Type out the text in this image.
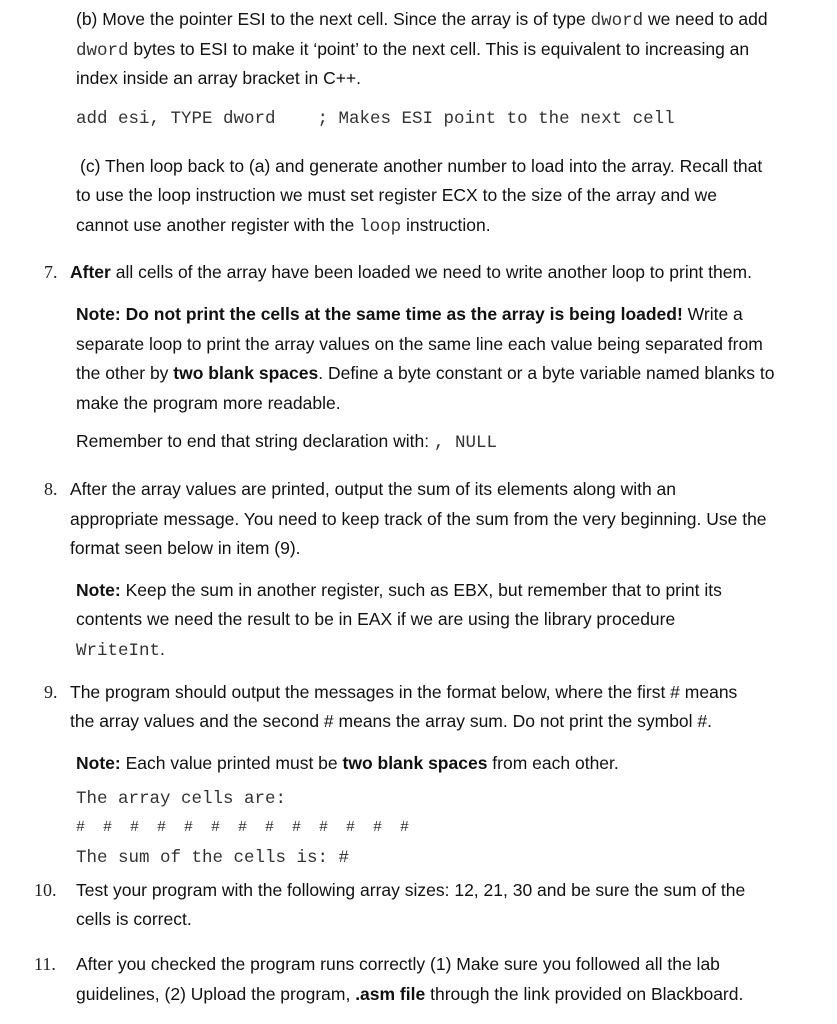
(b) Move the pointer ESI to the next cell. Since the array is of type dword we need to add
dword bytes to ESI to make it ‘point’ to the next cell. This is equivalent to increasing an
index inside an array bracket in C++.
add esi, TYPE dword    ; Makes ESI point to the next cell
(c) Then loop back to (a) and generate another number to load into the array. Recall that
to use the loop instruction we must set register ECX to the size of the array and we
cannot use another register with the loop instruction.
7. After all cells of the array have been loaded we need to write another loop to print them.
Note: Do not print the cells at the same time as the array is being loaded! Write a
separate loop to print the array values on the same line each value being separated from
the other by two blank spaces. Define a byte constant or a byte variable named blanks to
make the program more readable.
Remember to end that string declaration with: , NULL
8. After the array values are printed, output the sum of its elements along with an
appropriate message. You need to keep track of the sum from the very beginning. Use the
format seen below in item (9).
Note: Keep the sum in another register, such as EBX, but remember that to print its
contents we need the result to be in EAX if we are using the library procedure
WriteInt.
9. The program should output the messages in the format below, where the first # means
the array values and the second # means the array sum. Do not print the symbol #.
Note: Each value printed must be two blank spaces from each other.
The array cells are:
#  #  #  #  #  #  #  #  #  #  #  #  #
The sum of the cells is: #
10. Test your program with the following array sizes: 12, 21, 30 and be sure the sum of the
cells is correct.
11. After you checked the program runs correctly (1) Make sure you followed all the lab
guidelines, (2) Upload the program, .asm file through the link provided on Blackboard.
